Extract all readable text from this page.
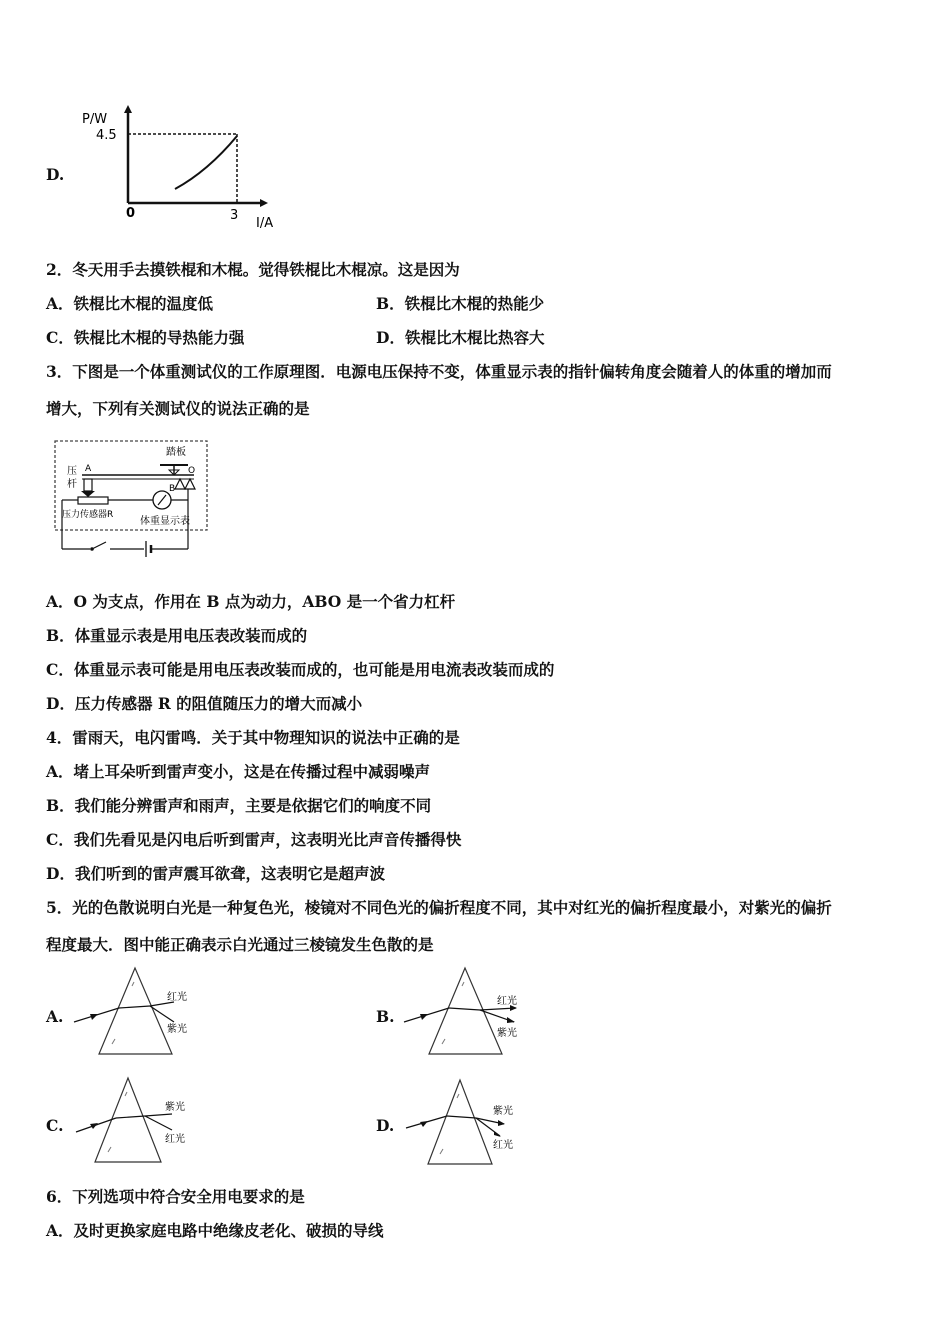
D.
P/W
4.5
0	3
I/A
2．冬天用手去摸铁棍和木棍。觉得铁棍比木棍凉。这是因为
A．铁棍比木棍的温度低	B．铁棍比木棍的热能少
C．铁棍比木棍的导热能力强	D．铁棍比木棍比热容大
3．下图是一个体重测试仪的工作原理图．电源电压保持不变，体重显示表的指针偏转角度会随着人的体重的增加而
增大，下列有关测试仪的说法正确的是
踏板
A	O
B
压
杆
压力传感器R
体重显示表
A．O 为支点，作用在 B 点为动力，ABO 是一个省力杠杆
B．体重显示表是用电压表改装而成的
C．体重显示表可能是用电压表改装而成的，也可能是用电流表改装而成的
D．压力传感器 R 的阻值随压力的增大而减小
4．雷雨天，电闪雷鸣．关于其中物理知识的说法中正确的是
A．堵上耳朵听到雷声变小，这是在传播过程中减弱噪声
B．我们能分辨雷声和雨声，主要是依据它们的响度不同
C．我们先看见是闪电后听到雷声，这表明光比声音传播得快
D．我们听到的雷声震耳欲聋，这表明它是超声波
5．光的色散说明白光是一种复色光，棱镜对不同色光的偏折程度不同，其中对红光的偏折程度最小，对紫光的偏折
程度最大．图中能正确表示白光通过三棱镜发生色散的是
A.
红光
紫光
B.
红光
紫光
C.
紫光
红光
D.
紫光
红光
6．下列选项中符合安全用电要求的是
A．及时更换家庭电路中绝缘皮老化、破损的导线
